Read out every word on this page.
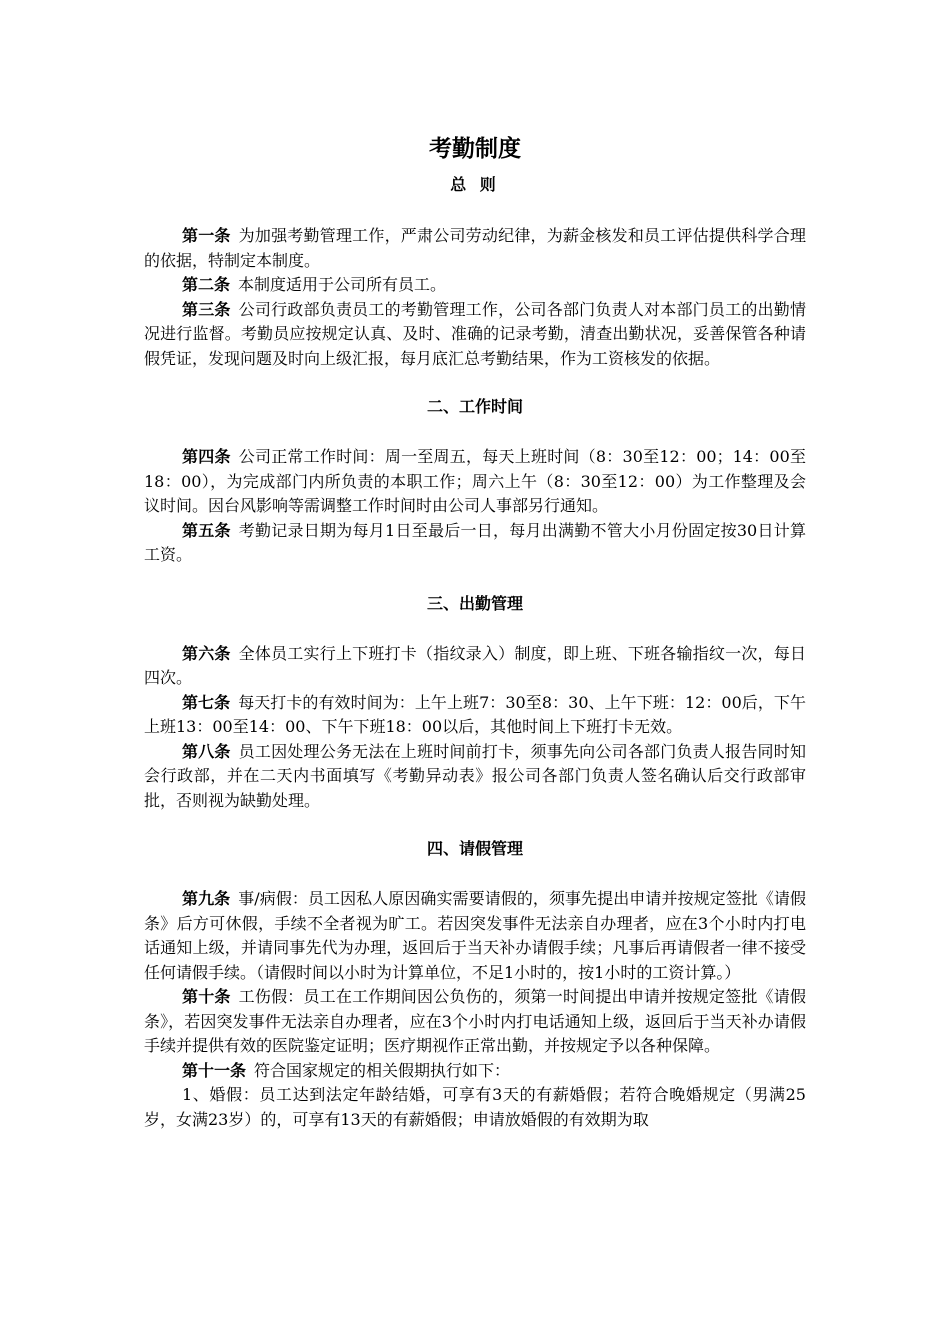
考勤制度
总 则

第一条 为加强考勤管理工作，严肃公司劳动纪律，为薪金核发和员工评估提供科学合理的依据，特制定本制度。

第二条 本制度适用于公司所有员工。

第三条 公司行政部负责员工的考勤管理工作，公司各部门负责人对本部门员工的出勤情况进行监督。考勤员应按规定认真、及时、准确的记录考勤，清查出勤状况，妥善保管各种请假凭证，发现问题及时向上级汇报，每月底汇总考勤结果，作为工资核发的依据。

二、工作时间

第四条 公司正常工作时间：周一至周五，每天上班时间（8：30至12：00；14：00至18：00），为完成部门内所负责的本职工作；周六上午（8：30至12：00）为工作整理及会议时间。因台风影响等需调整工作时间时由公司人事部另行通知。

第五条 考勤记录日期为每月1日至最后一日，每月出满勤不管大小月份固定按30日计算工资。

三、出勤管理

第六条 全体员工实行上下班打卡（指纹录入）制度，即上班、下班各输指纹一次，每日四次。

第七条 每天打卡的有效时间为：上午上班7：30至8：30、上午下班：12：00后，下午上班13：00至14：00、下午下班18：00以后，其他时间上下班打卡无效。

第八条 员工因处理公务无法在上班时间前打卡，须事先向公司各部门负责人报告同时知会行政部，并在二天内书面填写《考勤异动表》报公司各部门负责人签名确认后交行政部审批，否则视为缺勤处理。

四、请假管理

第九条 事/病假：员工因私人原因确实需要请假的，须事先提出申请并按规定签批《请假条》后方可休假，手续不全者视为旷工。若因突发事件无法亲自办理者，应在3个小时内打电话通知上级，并请同事先代为办理，返回后于当天补办请假手续；凡事后再请假者一律不接受任何请假手续。（请假时间以小时为计算单位，不足1小时的，按1小时的工资计算。）

第十条 工伤假：员工在工作期间因公负伤的，须第一时间提出申请并按规定签批《请假条》，若因突发事件无法亲自办理者，应在3个小时内打电话通知上级，返回后于当天补办请假手续并提供有效的医院鉴定证明；医疗期视作正常出勤，并按规定予以各种保障。

第十一条 符合国家规定的相关假期执行如下：

1、婚假：员工达到法定年龄结婚，可享有3天的有薪婚假；若符合晚婚规定（男满25岁，女满23岁）的，可享有13天的有薪婚假；申请放婚假的有效期为取
